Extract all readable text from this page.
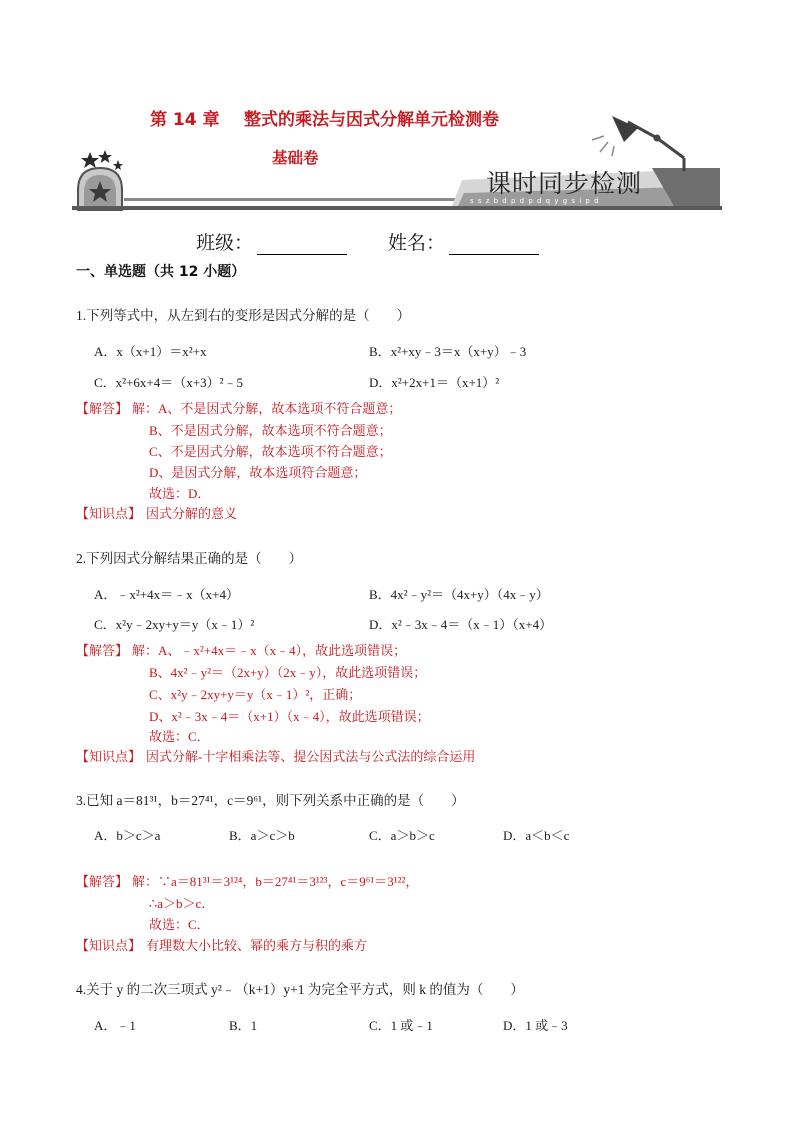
第 14 章 整式的乘法与因式分解单元检测卷
基础卷
课时同步检测
s s z b d p d p d q y g s i p d
班级：	姓名：
一、单选题（共 12 小题）
1.下列等式中，从左到右的变形是因式分解的是（　　）
A．x（x+1）＝x²+x	B．x²+xy﹣3＝x（x+y）﹣3
C．x²+6x+4＝（x+3）²﹣5	D．x²+2x+1＝（x+1）²
【解答】 解：A、不是因式分解，故本选项不符合题意；
B、不是因式分解，故本选项不符合题意；
C、不是因式分解，故本选项不符合题意；
D、是因式分解，故本选项符合题意；
故选：D．
【知识点】 因式分解的意义
2.下列因式分解结果正确的是（　　）
A．﹣x²+4x＝﹣x（x+4）	B．4x²﹣y²＝（4x+y）（4x﹣y）
C．x²y﹣2xy+y＝y（x﹣1）²	D．x²﹣3x﹣4＝（x﹣1）（x+4）
【解答】 解：A、﹣x²+4x＝﹣x（x﹣4），故此选项错误；
B、4x²﹣y²＝（2x+y）（2x﹣y），故此选项错误；
C、x²y﹣2xy+y＝y（x﹣1）²，正确；
D、x²﹣3x﹣4＝（x+1）（x﹣4），故此选项错误；
故选：C．
【知识点】 因式分解-十字相乘法等、提公因式法与公式法的综合运用
3.已知 a＝81³¹，b＝27⁴¹，c＝9⁶¹，则下列关系中正确的是（　　）
A．b＞c＞a	B．a＞c＞b	C．a＞b＞c	D．a＜b＜c
【解答】 解：∵a＝81³¹＝3¹²⁴，b＝27⁴¹＝3¹²³，c＝9⁶¹＝3¹²²，
∴a＞b＞c．
故选：C．
【知识点】 有理数大小比较、幂的乘方与积的乘方
4.关于 y 的二次三项式 y²﹣（k+1）y+1 为完全平方式，则 k 的值为（　　）
A．﹣1	B．1	C．1 或﹣1	D．1 或﹣3
